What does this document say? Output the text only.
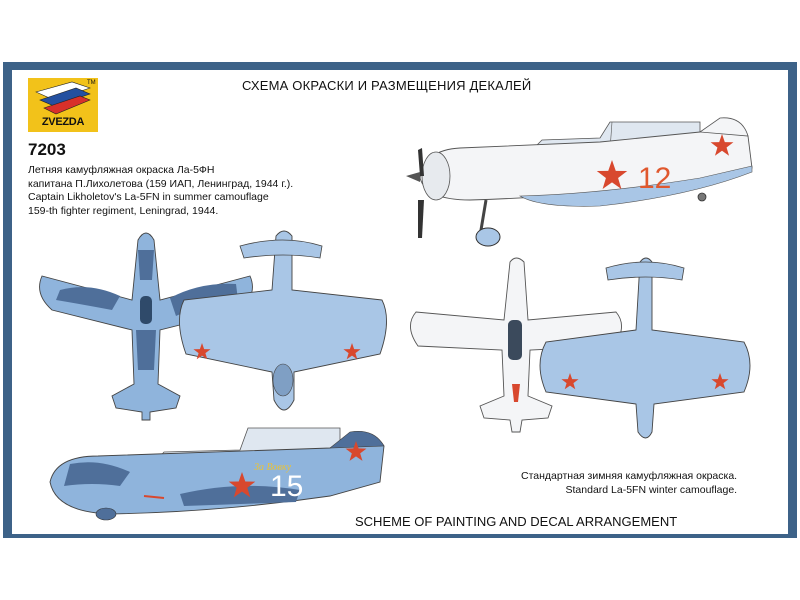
ZVEZDA
TM	СХЕМА ОКРАСКИ И РАЗМЕЩЕНИЯ ДЕКАЛЕЙ
7203
Летняя камуфляжная окраска Ла-5ФН
капитана П.Лихолетова (159 ИАП, Ленинград, 1944 г.).
Captain Likholetov's La-5FN in summer camouflage
159-th fighter regiment, Leningrad, 1944.
Стандартная зимняя камуфляжная окраска.
Standard La-5FN winter camouflage.
SCHEME OF PAINTING AND DECAL ARRANGEMENT
12
За Вовку
15
